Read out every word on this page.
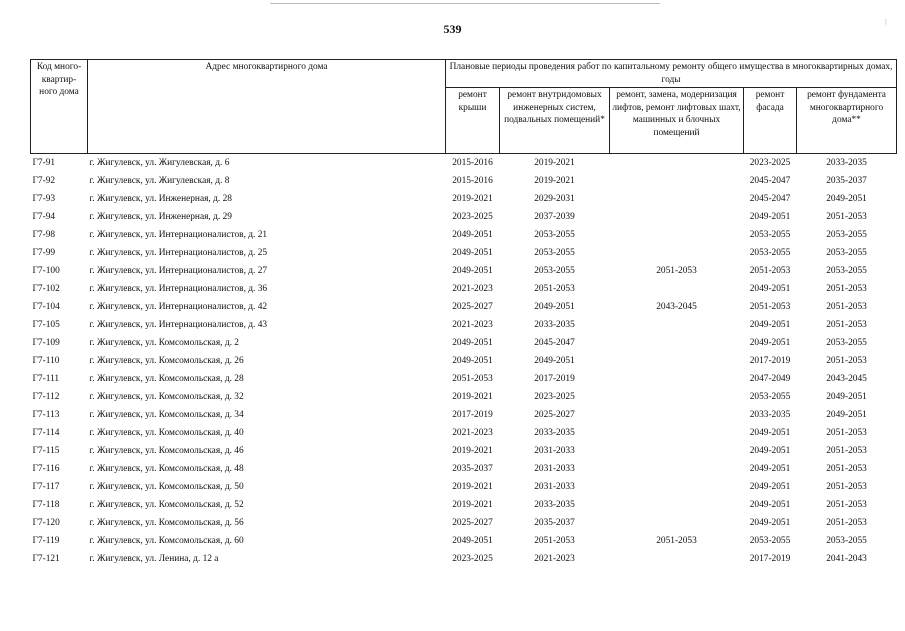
539
· · · · ·
Код много-квартир-ного дома	Адрес многоквартирного дома	Плановые периоды проведения работ по капитальному ремонту общего имущества в многоквартирных домах, годы				
		ремонт крыши	ремонт внутридомовых инженерных систем, подвальных помещений*	ремонт, замена, модернизация лифтов, ремонт лифтовых шахт, машинных и блочных помещений	ремонт фасада	ремонт фундамента многоквартирного дома**
Г7-91	г. Жигулевск, ул. Жигулевская, д. 6	2015-2016	2019-2021		2023-2025	2033-2035
Г7-92	г. Жигулевск, ул. Жигулевская, д. 8	2015-2016	2019-2021		2045-2047	2035-2037
Г7-93	г. Жигулевск, ул. Инженерная, д. 28	2019-2021	2029-2031		2045-2047	2049-2051
Г7-94	г. Жигулевск, ул. Инженерная, д. 29	2023-2025	2037-2039		2049-2051	2051-2053
Г7-98	г. Жигулевск, ул. Интернационалистов, д. 21	2049-2051	2053-2055		2053-2055	2053-2055
Г7-99	г. Жигулевск, ул. Интернационалистов, д. 25	2049-2051	2053-2055		2053-2055	2053-2055
Г7-100	г. Жигулевск, ул. Интернационалистов, д. 27	2049-2051	2053-2055	2051-2053	2051-2053	2053-2055
Г7-102	г. Жигулевск, ул. Интернационалистов, д. 36	2021-2023	2051-2053		2049-2051	2051-2053
Г7-104	г. Жигулевск, ул. Интернационалистов, д. 42	2025-2027	2049-2051	2043-2045	2051-2053	2051-2053
Г7-105	г. Жигулевск, ул. Интернационалистов, д. 43	2021-2023	2033-2035		2049-2051	2051-2053
Г7-109	г. Жигулевск, ул. Комсомольская, д. 2	2049-2051	2045-2047		2049-2051	2053-2055
Г7-110	г. Жигулевск, ул. Комсомольская, д. 26	2049-2051	2049-2051		2017-2019	2051-2053
Г7-111	г. Жигулевск, ул. Комсомольская, д. 28	2051-2053	2017-2019		2047-2049	2043-2045
Г7-112	г. Жигулевск, ул. Комсомольская, д. 32	2019-2021	2023-2025		2053-2055	2049-2051
Г7-113	г. Жигулевск, ул. Комсомольская, д. 34	2017-2019	2025-2027		2033-2035	2049-2051
Г7-114	г. Жигулевск, ул. Комсомольская, д. 40	2021-2023	2033-2035		2049-2051	2051-2053
Г7-115	г. Жигулевск, ул. Комсомольская, д. 46	2019-2021	2031-2033		2049-2051	2051-2053
Г7-116	г. Жигулевск, ул. Комсомольская, д. 48	2035-2037	2031-2033		2049-2051	2051-2053
Г7-117	г. Жигулевск, ул. Комсомольская, д. 50	2019-2021	2031-2033		2049-2051	2051-2053
Г7-118	г. Жигулевск, ул. Комсомольская, д. 52	2019-2021	2033-2035		2049-2051	2051-2053
Г7-120	г. Жигулевск, ул. Комсомольская, д. 56	2025-2027	2035-2037		2049-2051	2051-2053
Г7-119	г. Жигулевск, ул. Комсомольская, д. 60	2049-2051	2051-2053	2051-2053	2053-2055	2053-2055
Г7-121	г. Жигулевск, ул. Ленина, д. 12 а	2023-2025	2021-2023		2017-2019	2041-2043
